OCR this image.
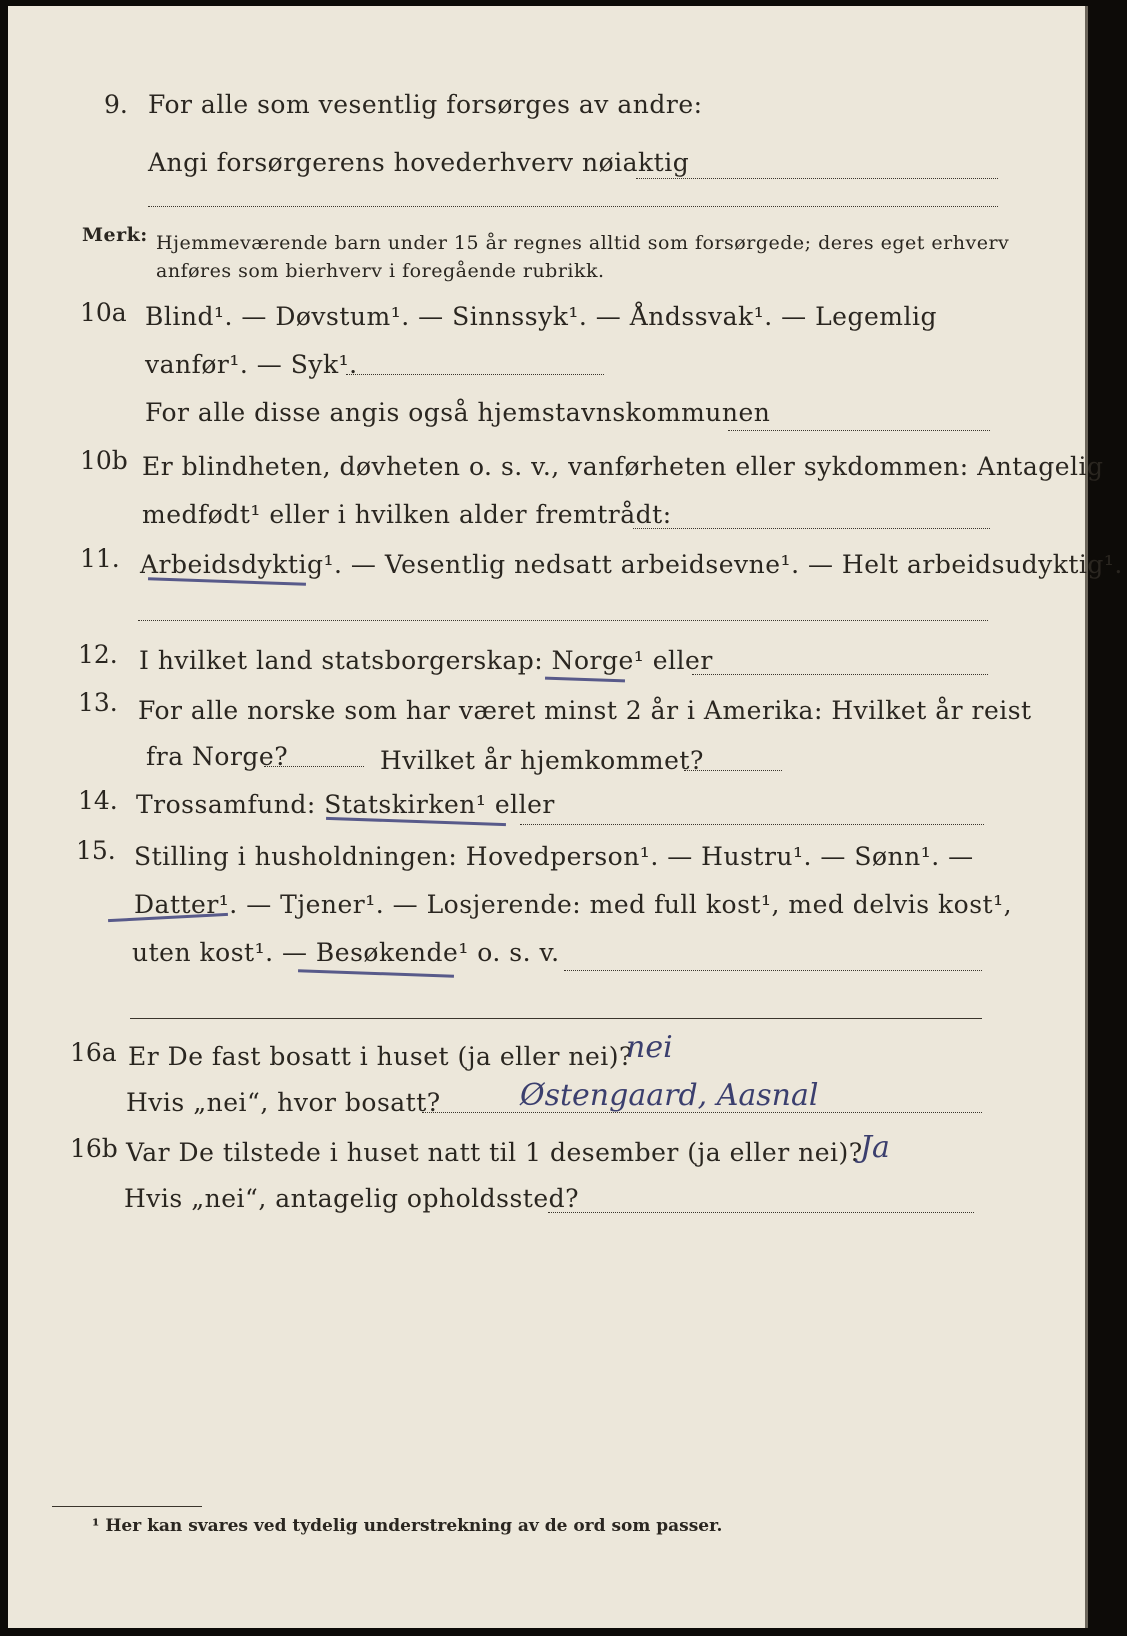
9. For alle som vesentlig forsørges av andre:
Angi forsørgerens hovederhverv nøiaktig
Merk: Hjemmeværende barn under 15 år regnes alltid som forsørgede; deres eget erhverv
anføres som bierhverv i foregående rubrikk.
10a Blind¹. — Døvstum¹. — Sinnssyk¹. — Åndssvak¹. — Legemlig
vanfør¹. — Syk¹.
For alle disse angis også hjemstavnskommunen
10b Er blindheten, døvheten o. s. v., vanførheten eller sykdommen: Antagelig
medfødt¹ eller i hvilken alder fremtrådt:
11. Arbeidsdyktig¹. — Vesentlig nedsatt arbeidsevne¹. — Helt arbeidsudyktig¹.
12. I hvilket land statsborgerskap: Norge¹ eller
13. For alle norske som har været minst 2 år i Amerika: Hvilket år reist
fra Norge?	Hvilket år hjemkommet?
14. Trossamfund: Statskirken¹ eller
15. Stilling i husholdningen: Hovedperson¹. — Hustru¹. — Sønn¹. —
Datter¹. — Tjener¹. — Losjerende: med full kost¹, med delvis kost¹,
uten kost¹. — Besøkende¹ o. s. v.
16a Er De fast bosatt i huset (ja eller nei)?
nei
Hvis „nei“, hvor bosatt?	Østengaard, Aasnal
16b Var De tilstede i huset natt til 1 desember (ja eller nei)?
Ja
Hvis „nei“, antagelig opholdssted?
¹ Her kan svares ved tydelig understrekning av de ord som passer.
